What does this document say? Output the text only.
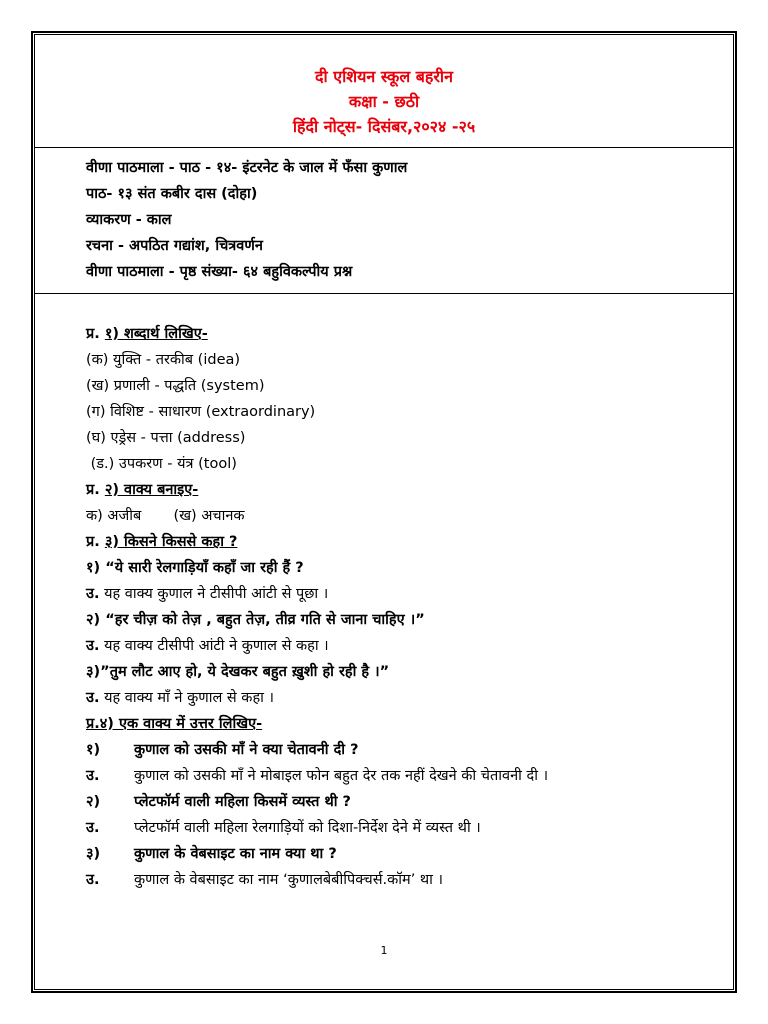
दी एशियन स्कूल बहरीन
कक्षा - छठी
हिंदी नोट्स- दिसंबर,२०२४ -२५
वीणा पाठमाला - पाठ - १४- इंटरनेट के जाल में फँसा कुणाल
पाठ- १३ संत कबीर दास (दोहा)
व्याकरण - काल
रचना - अपठित गद्यांश, चित्रवर्णन
वीणा पाठमाला - पृष्ठ संख्या- ६४ बहुविकल्पीय प्रश्न
प्र. १) शब्दार्थ लिखिए-
(क) युक्ति - तरकीब (idea)
(ख) प्रणाली - पद्धति (system)
(ग) विशिष्ट - साधारण (extraordinary)
(घ) एड्रेस - पत्ता (address)
(ड.) उपकरण - यंत्र (tool)
प्र. २) वाक्य बनाइए-
क) अजीब       (ख) अचानक
प्र. ३) किसने किससे कहा ?
१) “ये सारी रेलगाड़ियाँ कहाँ जा रही हैं ?
उ. यह वाक्य कुणाल ने टीसीपी आंटी से पूछा ।
२) “हर चीज़ को तेज़ , बहुत तेज़, तीव्र गति से जाना चाहिए ।”
उ. यह वाक्य टीसीपी आंटी ने कुणाल से कहा ।
३)”तुम लौट आए हो, ये देखकर बहुत ख़ुशी हो रही है ।”
उ. यह वाक्य माँ ने कुणाल से कहा ।
प्र.४) एक वाक्य में उत्तर लिखिए-
१) कुणाल को उसकी माँ ने क्या चेतावनी दी ?
उ. कुणाल को उसकी माँ ने मोबाइल फोन बहुत देर तक नहीं देखने की चेतावनी दी ।
२) प्लेटफॉर्म वाली महिला किसमें व्यस्त थी ?
उ. प्लेटफॉर्म वाली महिला रेलगाड़ियों को दिशा-निर्देश देने में व्यस्त थी ।
३) कुणाल के वेबसाइट का नाम क्या था ?
उ. कुणाल के वेबसाइट का नाम ‘कुणालबेबीपिक्चर्स.कॉम’ था ।
1
